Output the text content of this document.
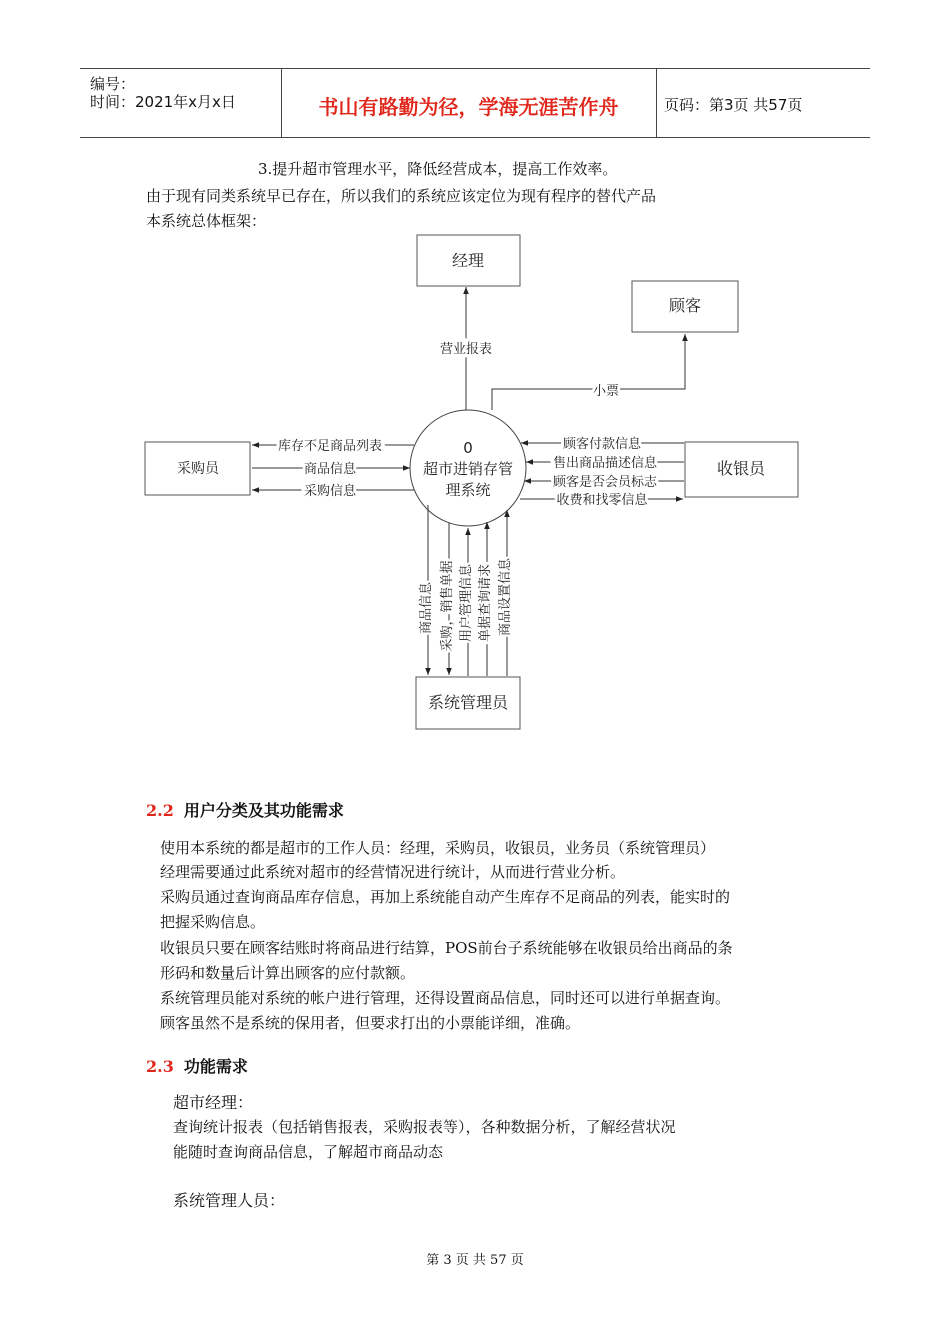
编号：
时间：2021年x月x日	书山有路勤为径，学海无涯苦作舟	页码：第3页 共57页
3.提升超市管理水平，降低经营成本，提高工作效率。
由于现有同类系统早已存在，所以我们的系统应该定位为现有程序的替代产品
本系统总体框架：
经理
顾客
采购员	收银员
系统管理员
0
超市进销存管
理系统
营业报表
小票
库存不足商品列表
商品信息
采购信息
顾客付款信息
售出商品描述信息
顾客是否会员标志
收费和找零信息
商品信息 采购，销售单据 用户管理信息 单据查询请求 商品设置信息
2.2 用户分类及其功能需求
使用本系统的都是超市的工作人员：经理，采购员，收银员，业务员（系统管理员）
经理需要通过此系统对超市的经营情况进行统计，从而进行营业分析。
采购员通过查询商品库存信息，再加上系统能自动产生库存不足商品的列表，能实时的
把握采购信息。
收银员只要在顾客结账时将商品进行结算，POS前台子系统能够在收银员给出商品的条
形码和数量后计算出顾客的应付款额。
系统管理员能对系统的帐户进行管理，还得设置商品信息，同时还可以进行单据查询。
顾客虽然不是系统的保用者，但要求打出的小票能详细，准确。
2.3 功能需求
超市经理：
查询统计报表（包括销售报表，采购报表等），各种数据分析，了解经营状况
能随时查询商品信息，了解超市商品动态
系统管理人员：
第 3 页 共 57 页
